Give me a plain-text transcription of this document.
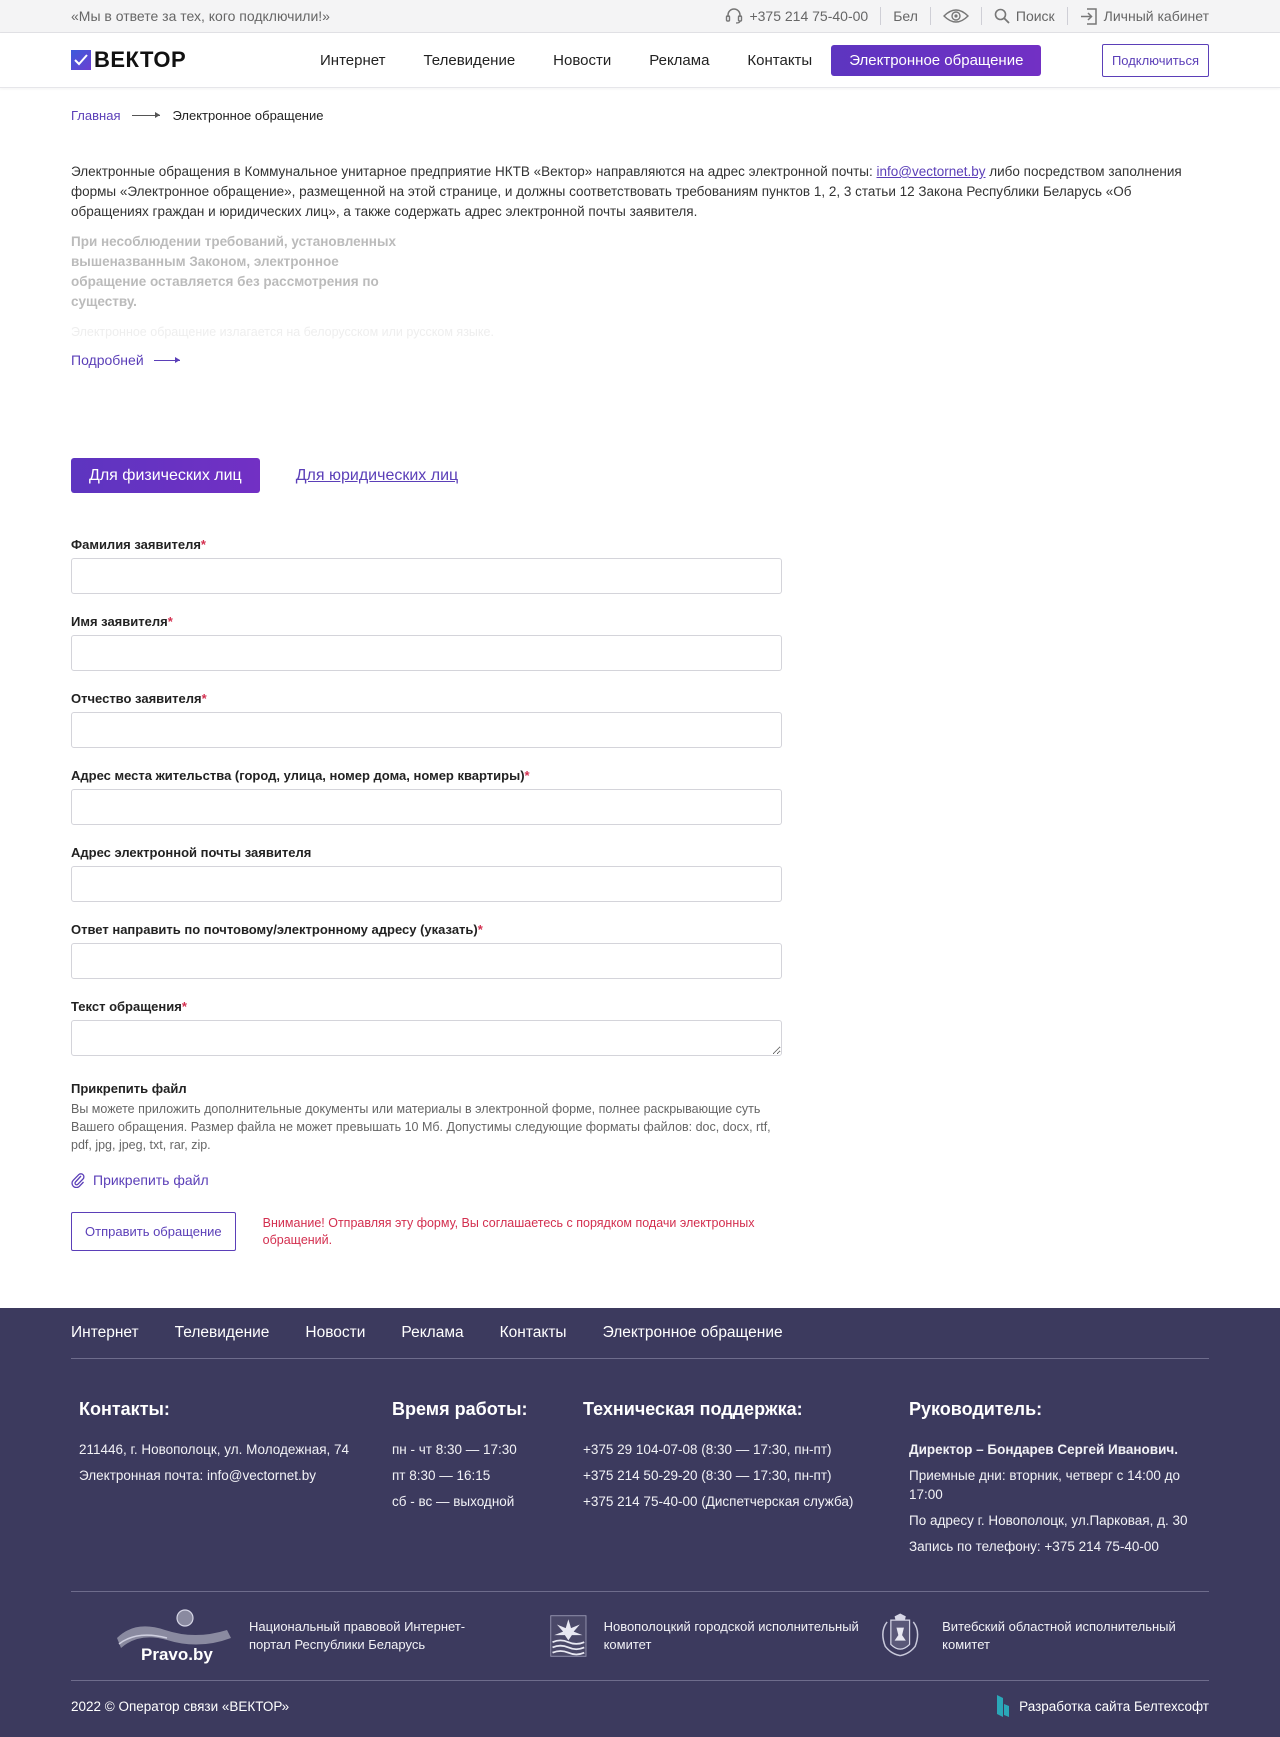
«Мы в ответе за тех, кого подключили!»	+375 214 75-40-00	Бел	Поиск	Личный кабинет
ВЕКТОР	Интернет	Телевидение	Новости	Реклама	Контакты	Электронное обращение	Подключиться
Главная	Электронное обращение

Электронные обращения в Коммунальное унитарное предприятие НКТВ «Вектор» направляются на адрес электронной почты: info@vectornet.by либо посредством заполнения формы «Электронное обращение», размещенной на этой странице, и должны соответствовать требованиям пунктов 1, 2, 3 статьи 12 Закона Республики Беларусь «Об обращениях граждан и юридических лиц», а также содержать адрес электронной почты заявителя.

При несоблюдении требований, установленных вышеназванным Законом, электронное обращение оставляется без рассмотрения по существу.

Электронное обращение излагается на белорусском или русском языке.

Подробней
Для физических лиц	Для юридических лиц
Фамилия заявителя*
Имя заявителя*
Отчество заявителя*
Адрес места жительства (город, улица, номер дома, номер квартиры)*
Адрес электронной почты заявителя
Ответ направить по почтовому/электронному адресу (указать)*
Текст обращения*
Прикрепить файл
Вы можете приложить дополнительные документы или материалы в электронной форме, полнее раскрывающие суть Вашего обращения. Размер файла не может превышать 10 Мб. Допустимы следующие форматы файлов: doc, docx, rtf, pdf, jpg, jpeg, txt, rar, zip.
Прикрепить файл
Отправить обращение
Внимание! Отправляя эту форму, Вы соглашаетесь с порядком подачи электронных обращений.
Интернет Телевидение Новости Реклама Контакты Электронное обращение
Контакты:

211446, г. Новополоцк, ул. Молодежная, 74

Электронная почта: info@vectornet.by

Время работы:

пн - чт 8:30 — 17:30

пт 8:30 — 16:15

сб - вс — выходной

Техническая поддержка:

+375 29 104-07-08 (8:30 — 17:30, пн-пт)

+375 214 50-29-20 (8:30 — 17:30, пн-пт)

+375 214 75-40-00 (Диспетчерская служба)

Руководитель:

Директор – Бондарев Сергей Иванович.

Приемные дни: вторник, четверг с 14:00 до 17:00

По адресу г. Новополоцк, ул.Парковая, д. 30

Запись по телефону: +375 214 75-40-00

Pravo.by
Национальный правовой Интернет-портал Республики Беларусь
Новополоцкий городской исполнительный комитет
Витебский областной исполнительный комитет
2022 © Оператор связи «ВЕКТОР»	Разработка сайта Белтехсофт
